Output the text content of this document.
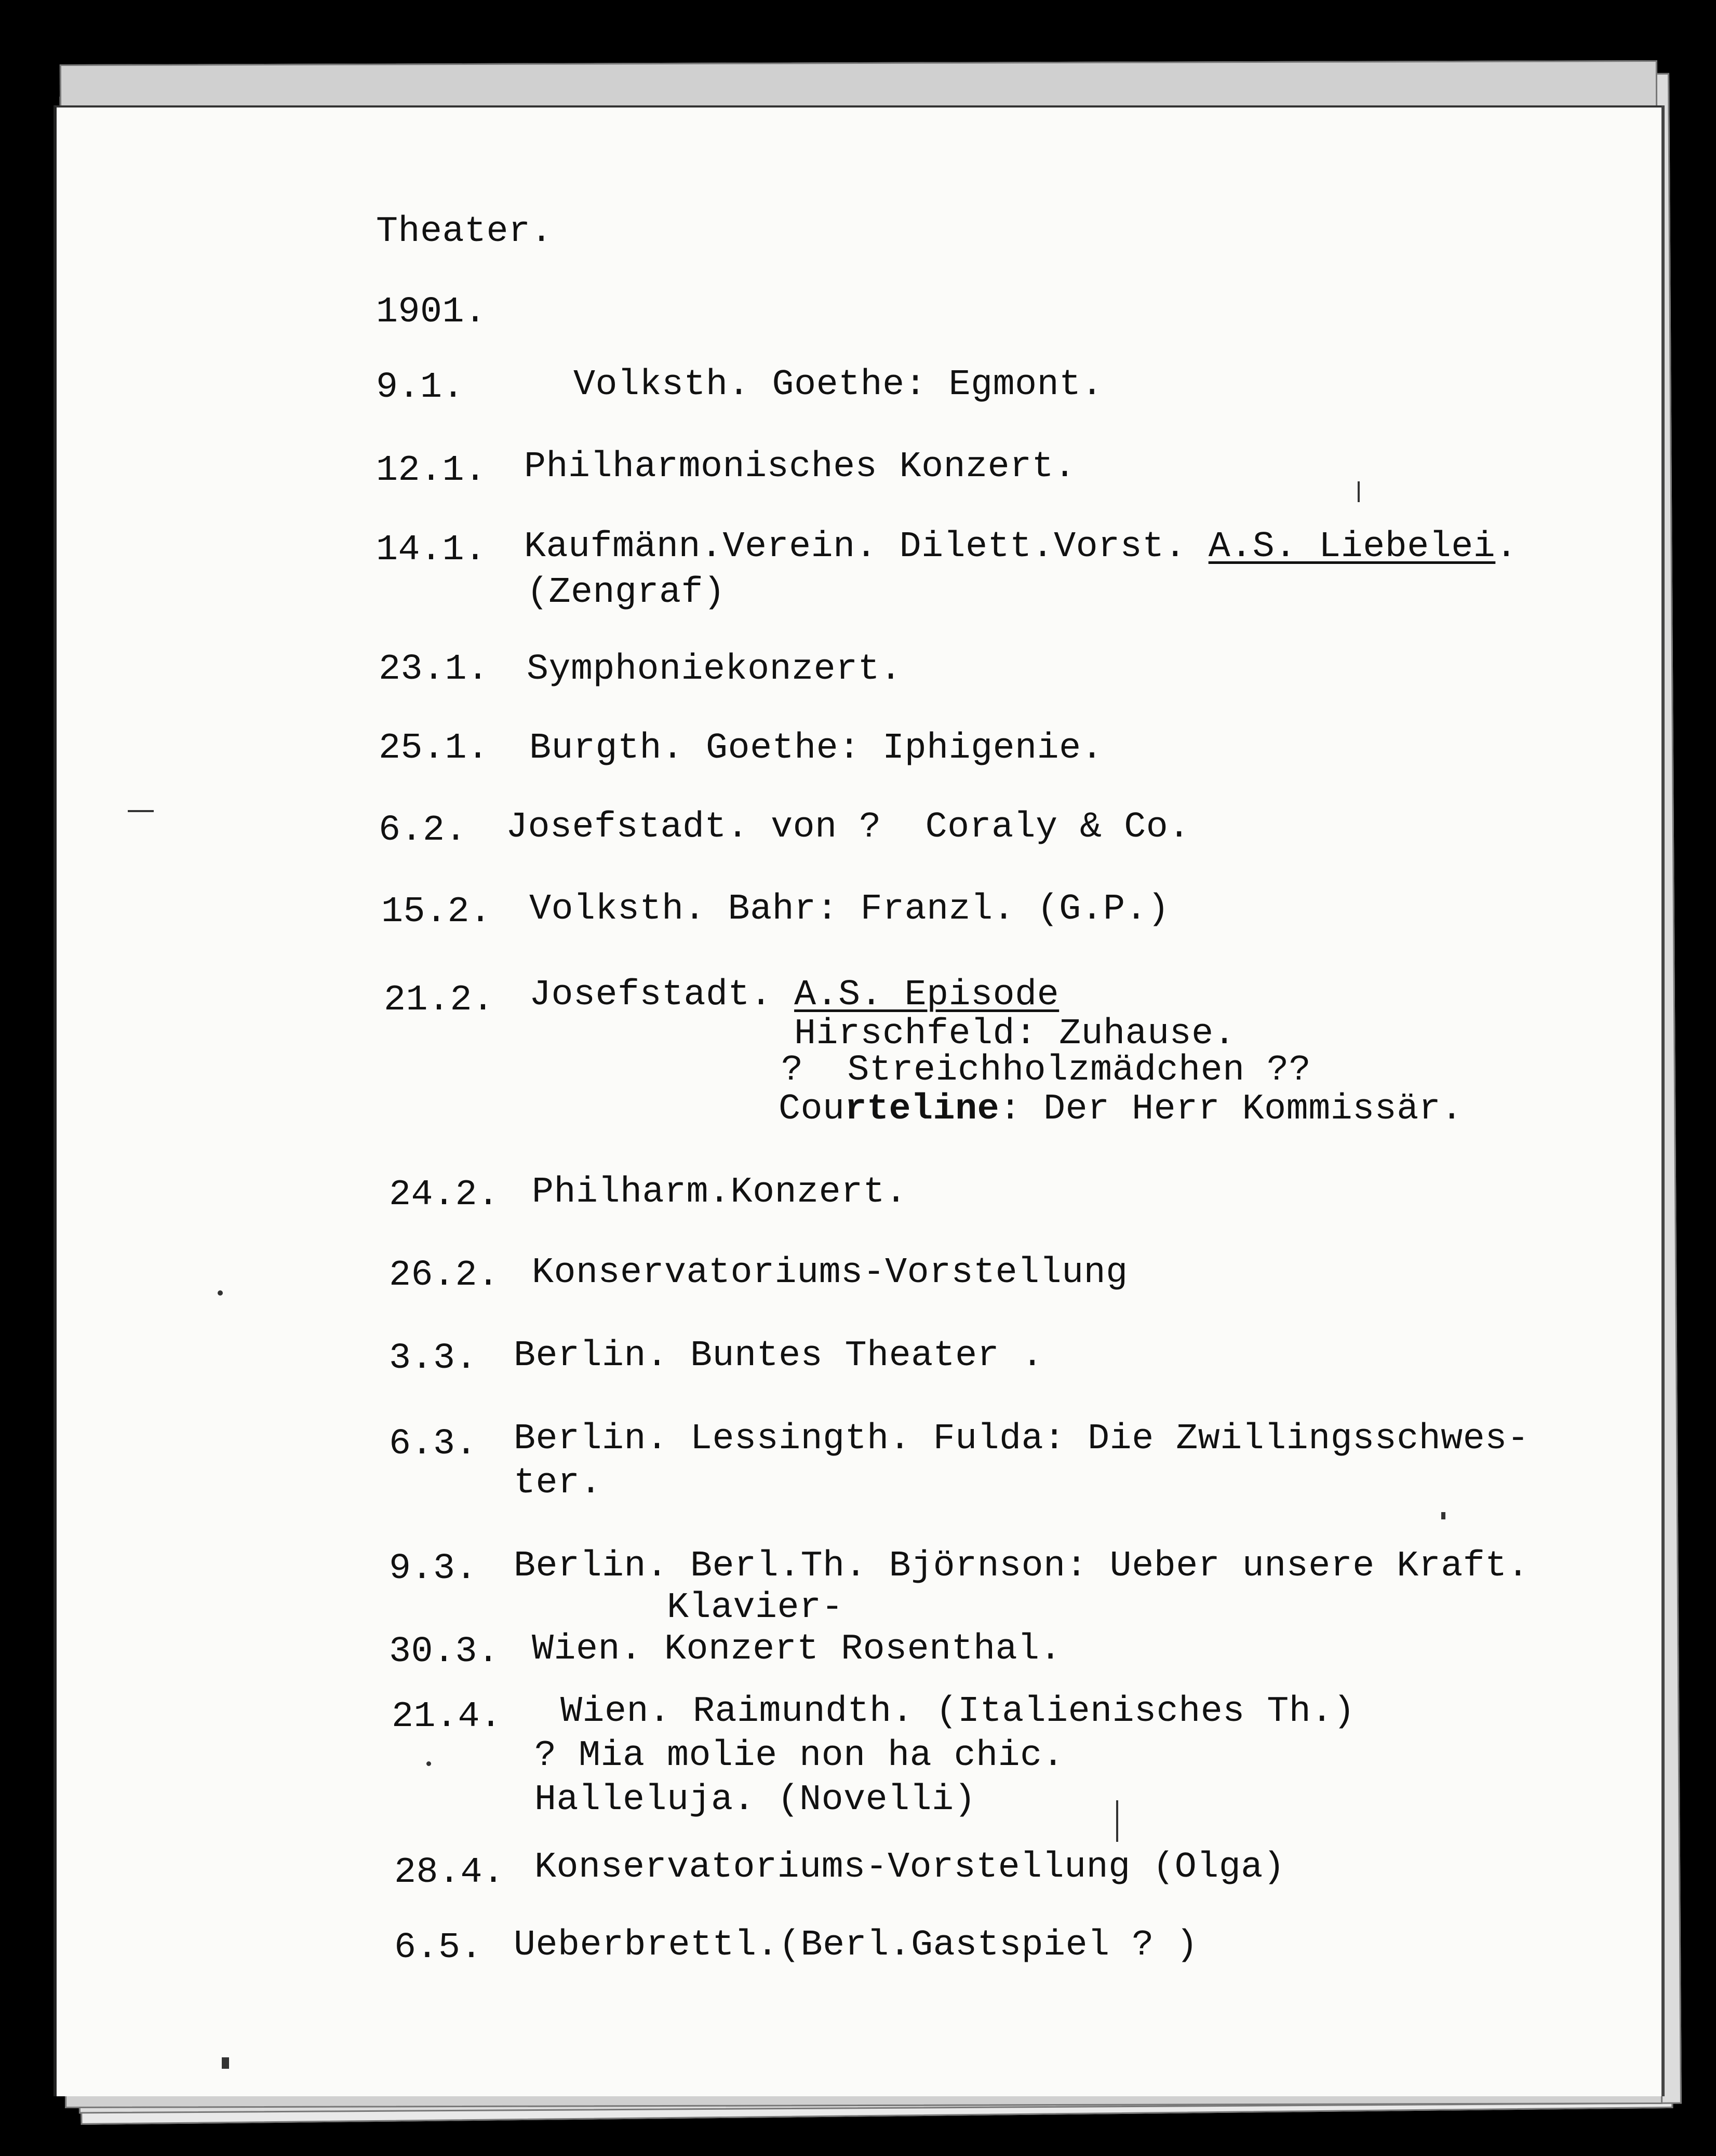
Theater.

1901.

9.1.	Volksth. Goethe: Egmont.

12.1. Philharmonisches Konzert.

14.1. Kaufmänn.Verein. Dilett.Vorst. A.S. Liebelei.

(Zengraf)

23.1. Symphoniekonzert.

25.1. Burgth. Goethe: Iphigenie.

6.2. Josefstadt. von ?  Coraly & Co.

15.2. Volksth. Bahr: Franzl. (G.P.)

21.2. Josefstadt. A.S. Episode

Hirschfeld: Zuhause.

?  Streichholzmädchen ??

Courteline: Der Herr Kommissär.

24.2. Philharm.Konzert.

26.2. Konservatoriums-Vorstellung

3.3. Berlin. Buntes Theater .

6.3. Berlin. Lessingth. Fulda: Die Zwillingsschwes-

ter.

9.3. Berlin. Berl.Th. Björnson: Ueber unsere Kraft.

Klavier-

30.3. Wien. Konzert Rosenthal.

21.4. Wien. Raimundth. (Italienisches Th.)

? Mia molie non ha chic.

Halleluja. (Novelli)

28.4. Konservatoriums-Vorstellung (Olga)

6.5. Ueberbrettl.(Berl.Gastspiel ? )
